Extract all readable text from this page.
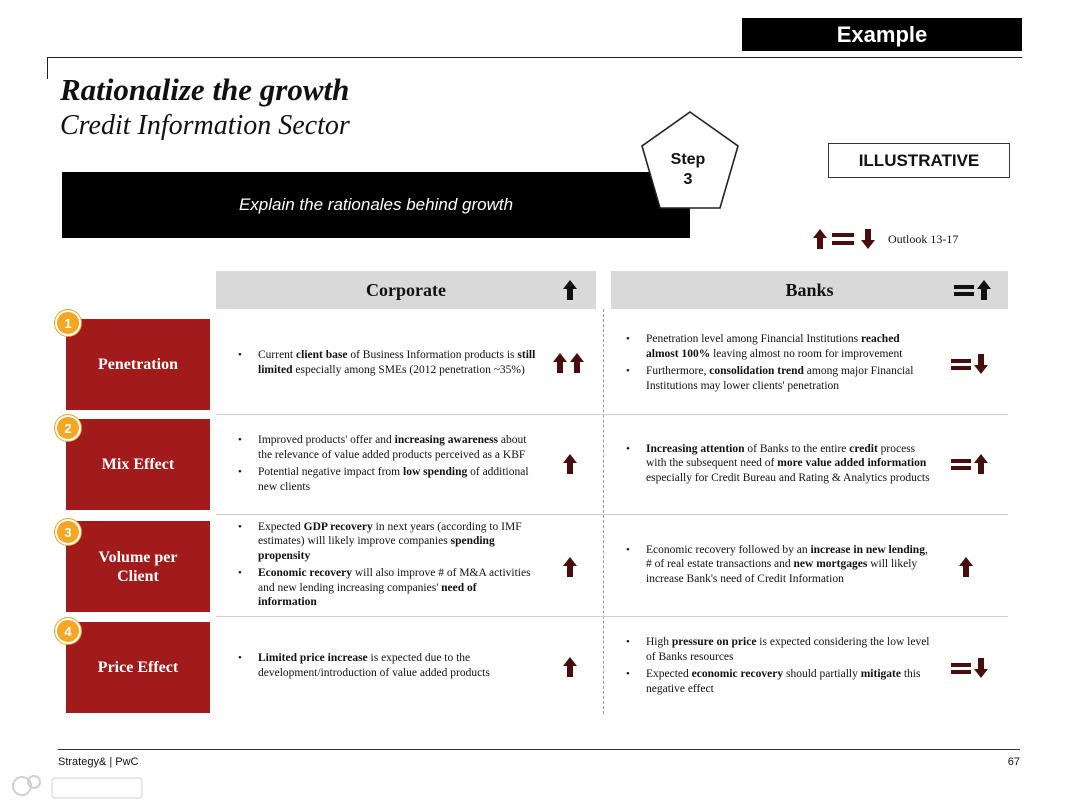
Example
Rationalize the growth
Credit Information Sector
Explain the rationales behind growth
Step
3
ILLUSTRATIVE
Outlook 13-17
Corporate	Banks
Penetration
Mix Effect
Volume per Client
Price Effect
1
2
3
4
• Current client base of Business Information products is still limited especially among SMEs (2012 penetration ~35%)
• Penetration level among Financial Institutions reached almost 100% leaving almost no room for improvement
• Furthermore, consolidation trend among major Financial Institutions may lower clients' penetration
• Improved products' offer and increasing awareness about the relevance of value added products perceived as a KBF
• Potential negative impact from low spending of additional new clients
• Increasing attention of Banks to the entire credit process with the subsequent need of more value added information especially for Credit Bureau and Rating & Analytics products
• Expected GDP recovery in next years (according to IMF estimates) will likely improve companies spending propensity
• Economic recovery will also improve # of M&A activities and new lending increasing companies' need of information
• Economic recovery followed by an increase in new lending, # of real estate transactions and new mortgages will likely increase Bank's need of Credit Information
• Limited price increase is expected due to the development/introduction of value added products
• High pressure on price is expected considering the low level of Banks resources
• Expected economic recovery should partially mitigate this negative effect
Strategy& | PwC	67
